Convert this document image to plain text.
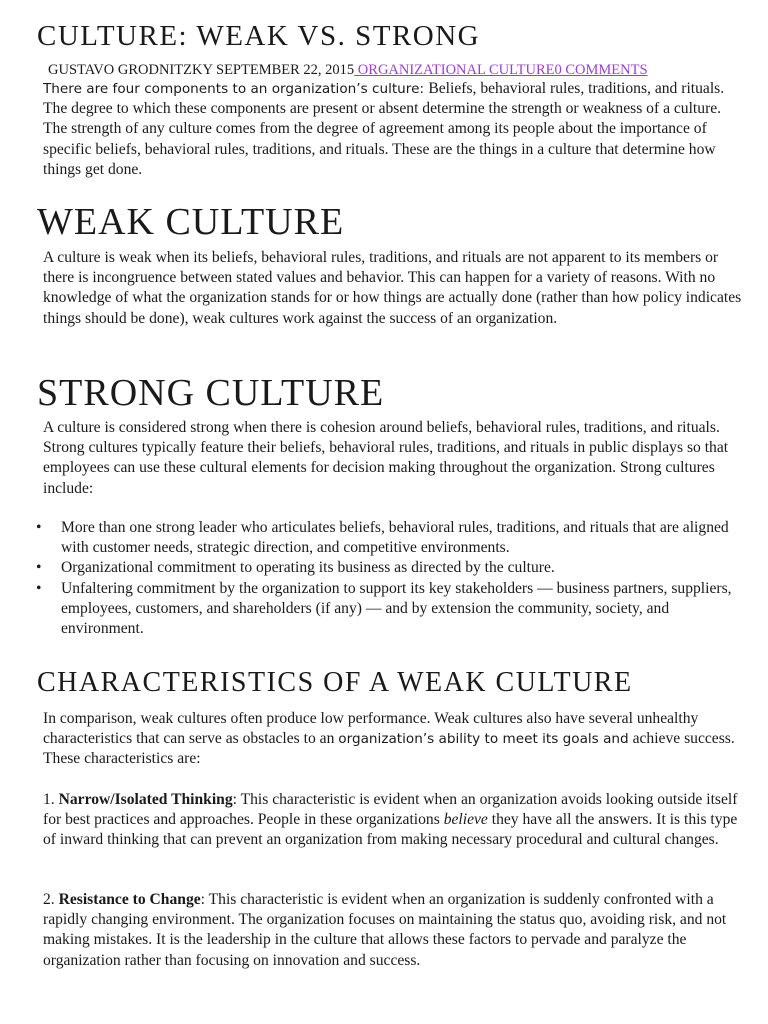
CULTURE: WEAK VS. STRONG
GUSTAVO GRODNITZKY SEPTEMBER 22, 2015 ORGANIZATIONAL CULTURE0 COMMENTS

There are four components to an organization’s culture: Beliefs, behavioral rules, traditions, and rituals. The degree to which these components are present or absent determine the strength or weakness of a culture. The strength of any culture comes from the degree of agreement among its people about the importance of specific beliefs, behavioral rules, traditions, and rituals. These are the things in a culture that determine how things get done.

WEAK CULTURE

A culture is weak when its beliefs, behavioral rules, traditions, and rituals are not apparent to its members or there is incongruence between stated values and behavior. This can happen for a variety of reasons. With no knowledge of what the organization stands for or how things are actually done (rather than how policy indicates things should be done), weak cultures work against the success of an organization.

STRONG CULTURE

A culture is considered strong when there is cohesion around beliefs, behavioral rules, traditions, and rituals. Strong cultures typically feature their beliefs, behavioral rules, traditions, and rituals in public displays so that employees can use these cultural elements for decision making throughout the organization. Strong cultures include:

• More than one strong leader who articulates beliefs, behavioral rules, traditions, and rituals that are aligned with customer needs, strategic direction, and competitive environments.
• Organizational commitment to operating its business as directed by the culture.
• Unfaltering commitment by the organization to support its key stakeholders — business partners, suppliers, employees, customers, and shareholders (if any) — and by extension the community, society, and environment.
CHARACTERISTICS OF A WEAK CULTURE

In comparison, weak cultures often produce low performance. Weak cultures also have several unhealthy characteristics that can serve as obstacles to an organization’s ability to meet its goals and achieve success. These characteristics are:

1. Narrow/Isolated Thinking: This characteristic is evident when an organization avoids looking outside itself for best practices and approaches. People in these organizations believe they have all the answers. It is this type of inward thinking that can prevent an organization from making necessary procedural and cultural changes.

2. Resistance to Change: This characteristic is evident when an organization is suddenly confronted with a rapidly changing environment. The organization focuses on maintaining the status quo, avoiding risk, and not making mistakes. It is the leadership in the culture that allows these factors to pervade and paralyze the organization rather than focusing on innovation and success.
